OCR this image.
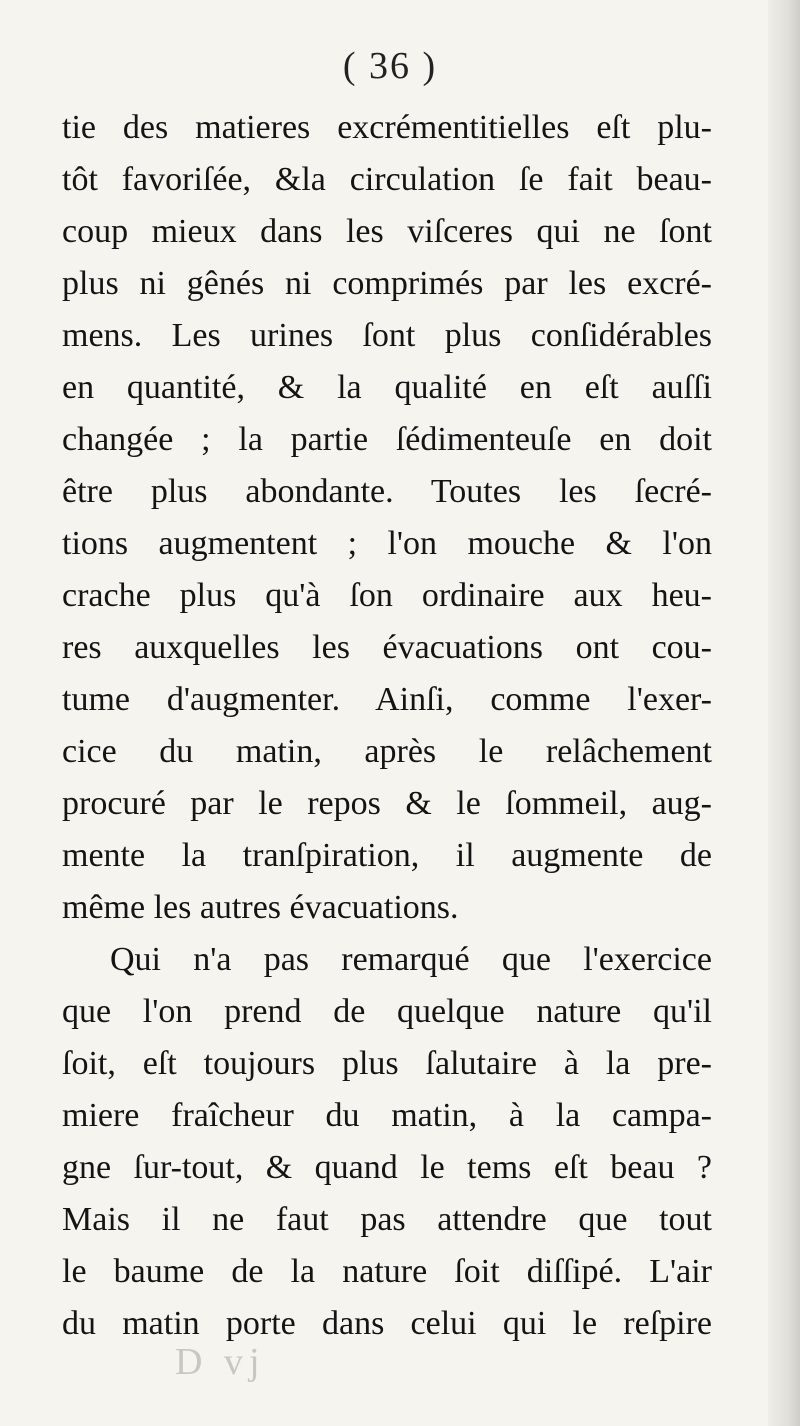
( 36 )
tie des matieres excrémentitielles eſt plu-
tôt favoriſée, &la circulation ſe fait beau-
coup mieux dans les viſceres qui ne ſont
plus ni gênés ni comprimés par les excré-
mens. Les urines ſont plus conſidérables
en quantité, & la qualité en eſt auſſi
changée ; la partie ſédimenteuſe en doit
être plus abondante. Toutes les ſecré-
tions augmentent ; l'on mouche & l'on
crache plus qu'à ſon ordinaire aux heu-
res auxquelles les évacuations ont cou-
tume d'augmenter. Ainſi, comme l'exer-
cice du matin, après le relâchement
procuré par le repos & le ſommeil, aug-
mente la tranſpiration, il augmente de
même les autres évacuations.
Qui n'a pas remarqué que l'exercice
que l'on prend de quelque nature qu'il
ſoit, eſt toujours plus ſalutaire à la pre-
miere fraîcheur du matin, à la campa-
gne ſur-tout, & quand le tems eſt beau ?
Mais il ne faut pas attendre que tout
le baume de la nature ſoit diſſipé. L'air
du matin porte dans celui qui le reſpire
D vj
